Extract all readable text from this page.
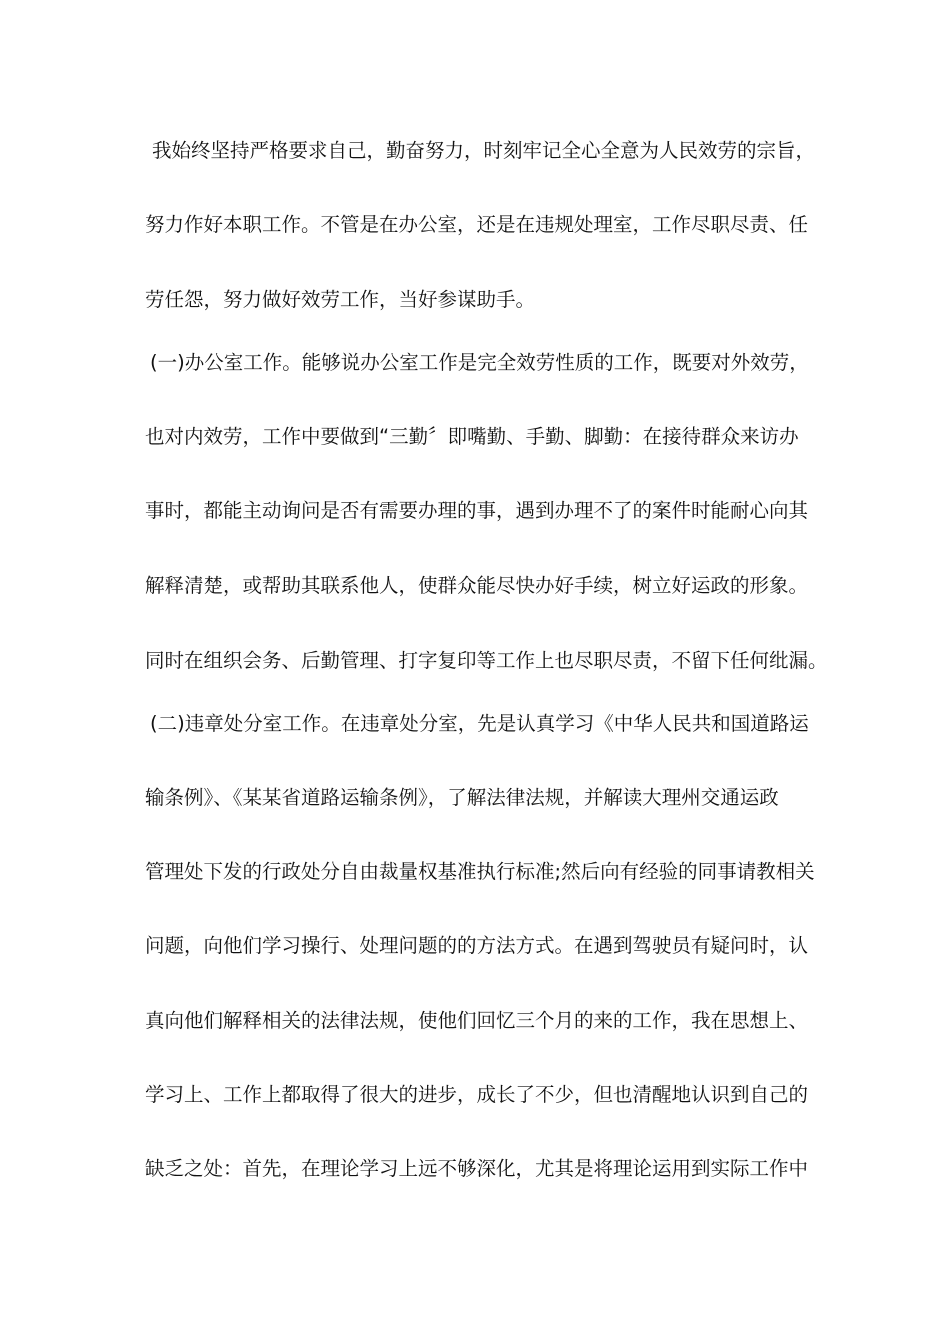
我始终坚持严格要求自己，勤奋努力，时刻牢记全心全意为人民效劳的宗旨，
努力作好本职工作。不管是在办公室，还是在违规处理室，工作尽职尽责、任
劳任怨，努力做好效劳工作，当好参谋助手。
(一)办公室工作。能够说办公室工作是完全效劳性质的工作，既要对外效劳，
也对内效劳，工作中要做到“三勤〞即嘴勤、手勤、脚勤：在接待群众来访办
事时，都能主动询问是否有需要办理的事，遇到办理不了的案件时能耐心向其
解释清楚，或帮助其联系他人，使群众能尽快办好手续，树立好运政的形象。
同时在组织会务、后勤管理、打字复印等工作上也尽职尽责，不留下任何纰漏。
(二)违章处分室工作。在违章处分室，先是认真学习《中华人民共和国道路运
输条例》、《某某省道路运输条例》，了解法律法规，并解读大理州交通运政
管理处下发的行政处分自由裁量权基准执行标准;然后向有经验的同事请教相关
问题，向他们学习操行、处理问题的的方法方式。在遇到驾驶员有疑问时，认
真向他们解释相关的法律法规，使他们回忆三个月的来的工作，我在思想上、
学习上、工作上都取得了很大的进步，成长了不少，但也清醒地认识到自己的
缺乏之处：首先，在理论学习上远不够深化，尤其是将理论运用到实际工作中
